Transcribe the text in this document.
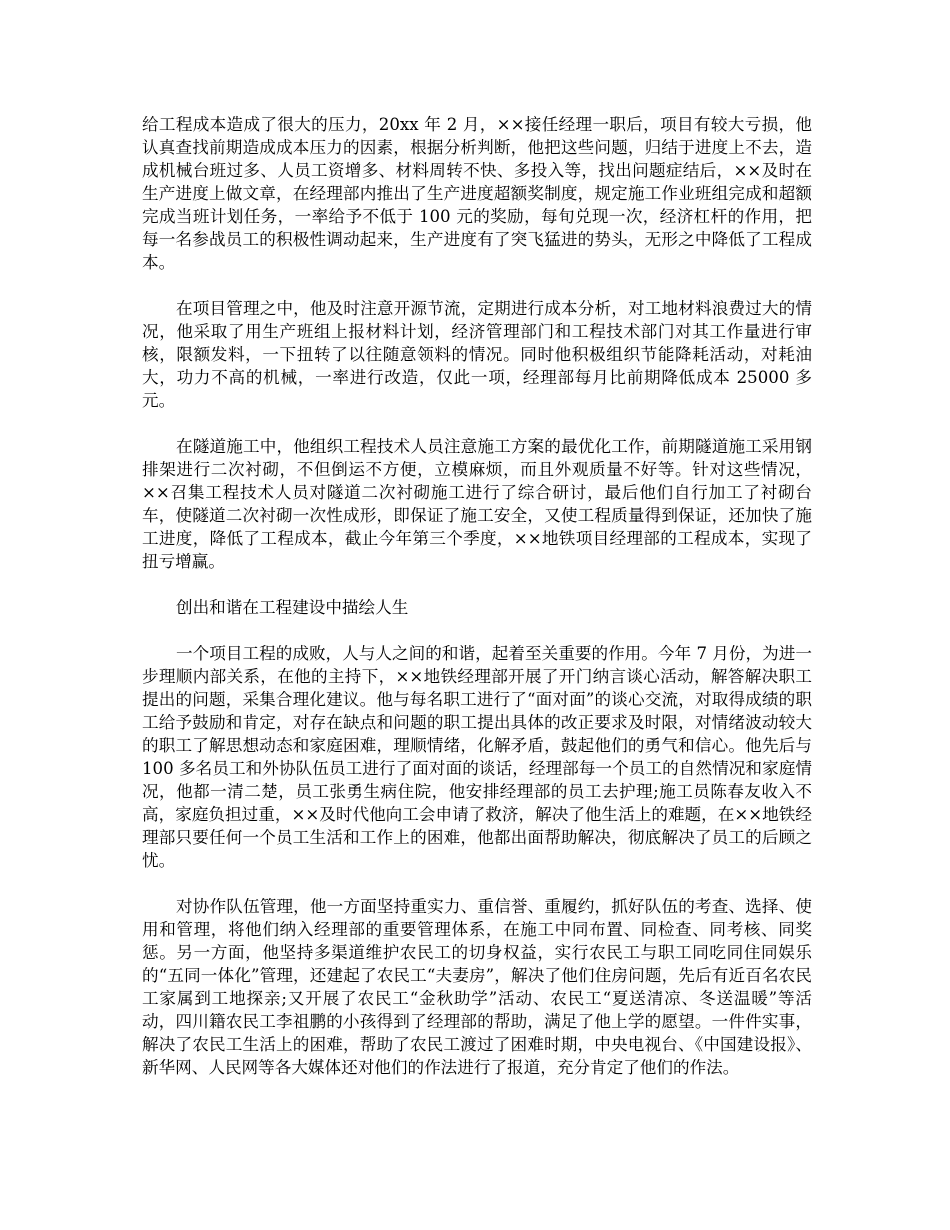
给工程成本造成了很大的压力，20xx 年 2 月，××接任经理一职后，项目有较大亏损，他认真查找前期造成成本压力的因素，根据分析判断，他把这些问题，归结于进度上不去，造成机械台班过多、人员工资增多、材料周转不快、多投入等，找出问题症结后，××及时在生产进度上做文章，在经理部内推出了生产进度超额奖制度，规定施工作业班组完成和超额完成当班计划任务，一率给予不低于 100 元的奖励，每旬兑现一次，经济杠杆的作用，把每一名参战员工的积极性调动起来，生产进度有了突飞猛进的势头，无形之中降低了工程成本。

在项目管理之中，他及时注意开源节流，定期进行成本分析，对工地材料浪费过大的情况，他采取了用生产班组上报材料计划，经济管理部门和工程技术部门对其工作量进行审核，限额发料，一下扭转了以往随意领料的情况。同时他积极组织节能降耗活动，对耗油大，功力不高的机械，一率进行改造，仅此一项，经理部每月比前期降低成本 25000 多元。

在隧道施工中，他组织工程技术人员注意施工方案的最优化工作，前期隧道施工采用钢排架进行二次衬砌，不但倒运不方便，立模麻烦，而且外观质量不好等。针对这些情况，××召集工程技术人员对隧道二次衬砌施工进行了综合研讨，最后他们自行加工了衬砌台车，使隧道二次衬砌一次性成形，即保证了施工安全，又使工程质量得到保证，还加快了施工进度，降低了工程成本，截止今年第三个季度，××地铁项目经理部的工程成本，实现了扭亏增赢。

创出和谐在工程建设中描绘人生

一个项目工程的成败，人与人之间的和谐，起着至关重要的作用。今年 7 月份，为进一步理顺内部关系，在他的主持下，××地铁经理部开展了开门纳言谈心活动，解答解决职工提出的问题，采集合理化建议。他与每名职工进行了“面对面”的谈心交流，对取得成绩的职工给予鼓励和肯定，对存在缺点和问题的职工提出具体的改正要求及时限，对情绪波动较大的职工了解思想动态和家庭困难，理顺情绪，化解矛盾，鼓起他们的勇气和信心。他先后与 100 多名员工和外协队伍员工进行了面对面的谈话，经理部每一个员工的自然情况和家庭情况，他都一清二楚，员工张勇生病住院，他安排经理部的员工去护理;施工员陈春友收入不高，家庭负担过重，××及时代他向工会申请了救济，解决了他生活上的难题，在××地铁经理部只要任何一个员工生活和工作上的困难，他都出面帮助解决，彻底解决了员工的后顾之忧。

对协作队伍管理，他一方面坚持重实力、重信誉、重履约，抓好队伍的考查、选择、使用和管理，将他们纳入经理部的重要管理体系，在施工中同布置、同检查、同考核、同奖惩。另一方面，他坚持多渠道维护农民工的切身权益，实行农民工与职工同吃同住同娱乐的“五同一体化”管理，还建起了农民工“夫妻房”，解决了他们住房问题，先后有近百名农民工家属到工地探亲;又开展了农民工“金秋助学”活动、农民工“夏送清凉、冬送温暖”等活动，四川籍农民工李祖鹏的小孩得到了经理部的帮助，满足了他上学的愿望。一件件实事，解决了农民工生活上的困难，帮助了农民工渡过了困难时期，中央电视台、《中国建设报》、新华网、人民网等各大媒体还对他们的作法进行了报道，充分肯定了他们的作法。
